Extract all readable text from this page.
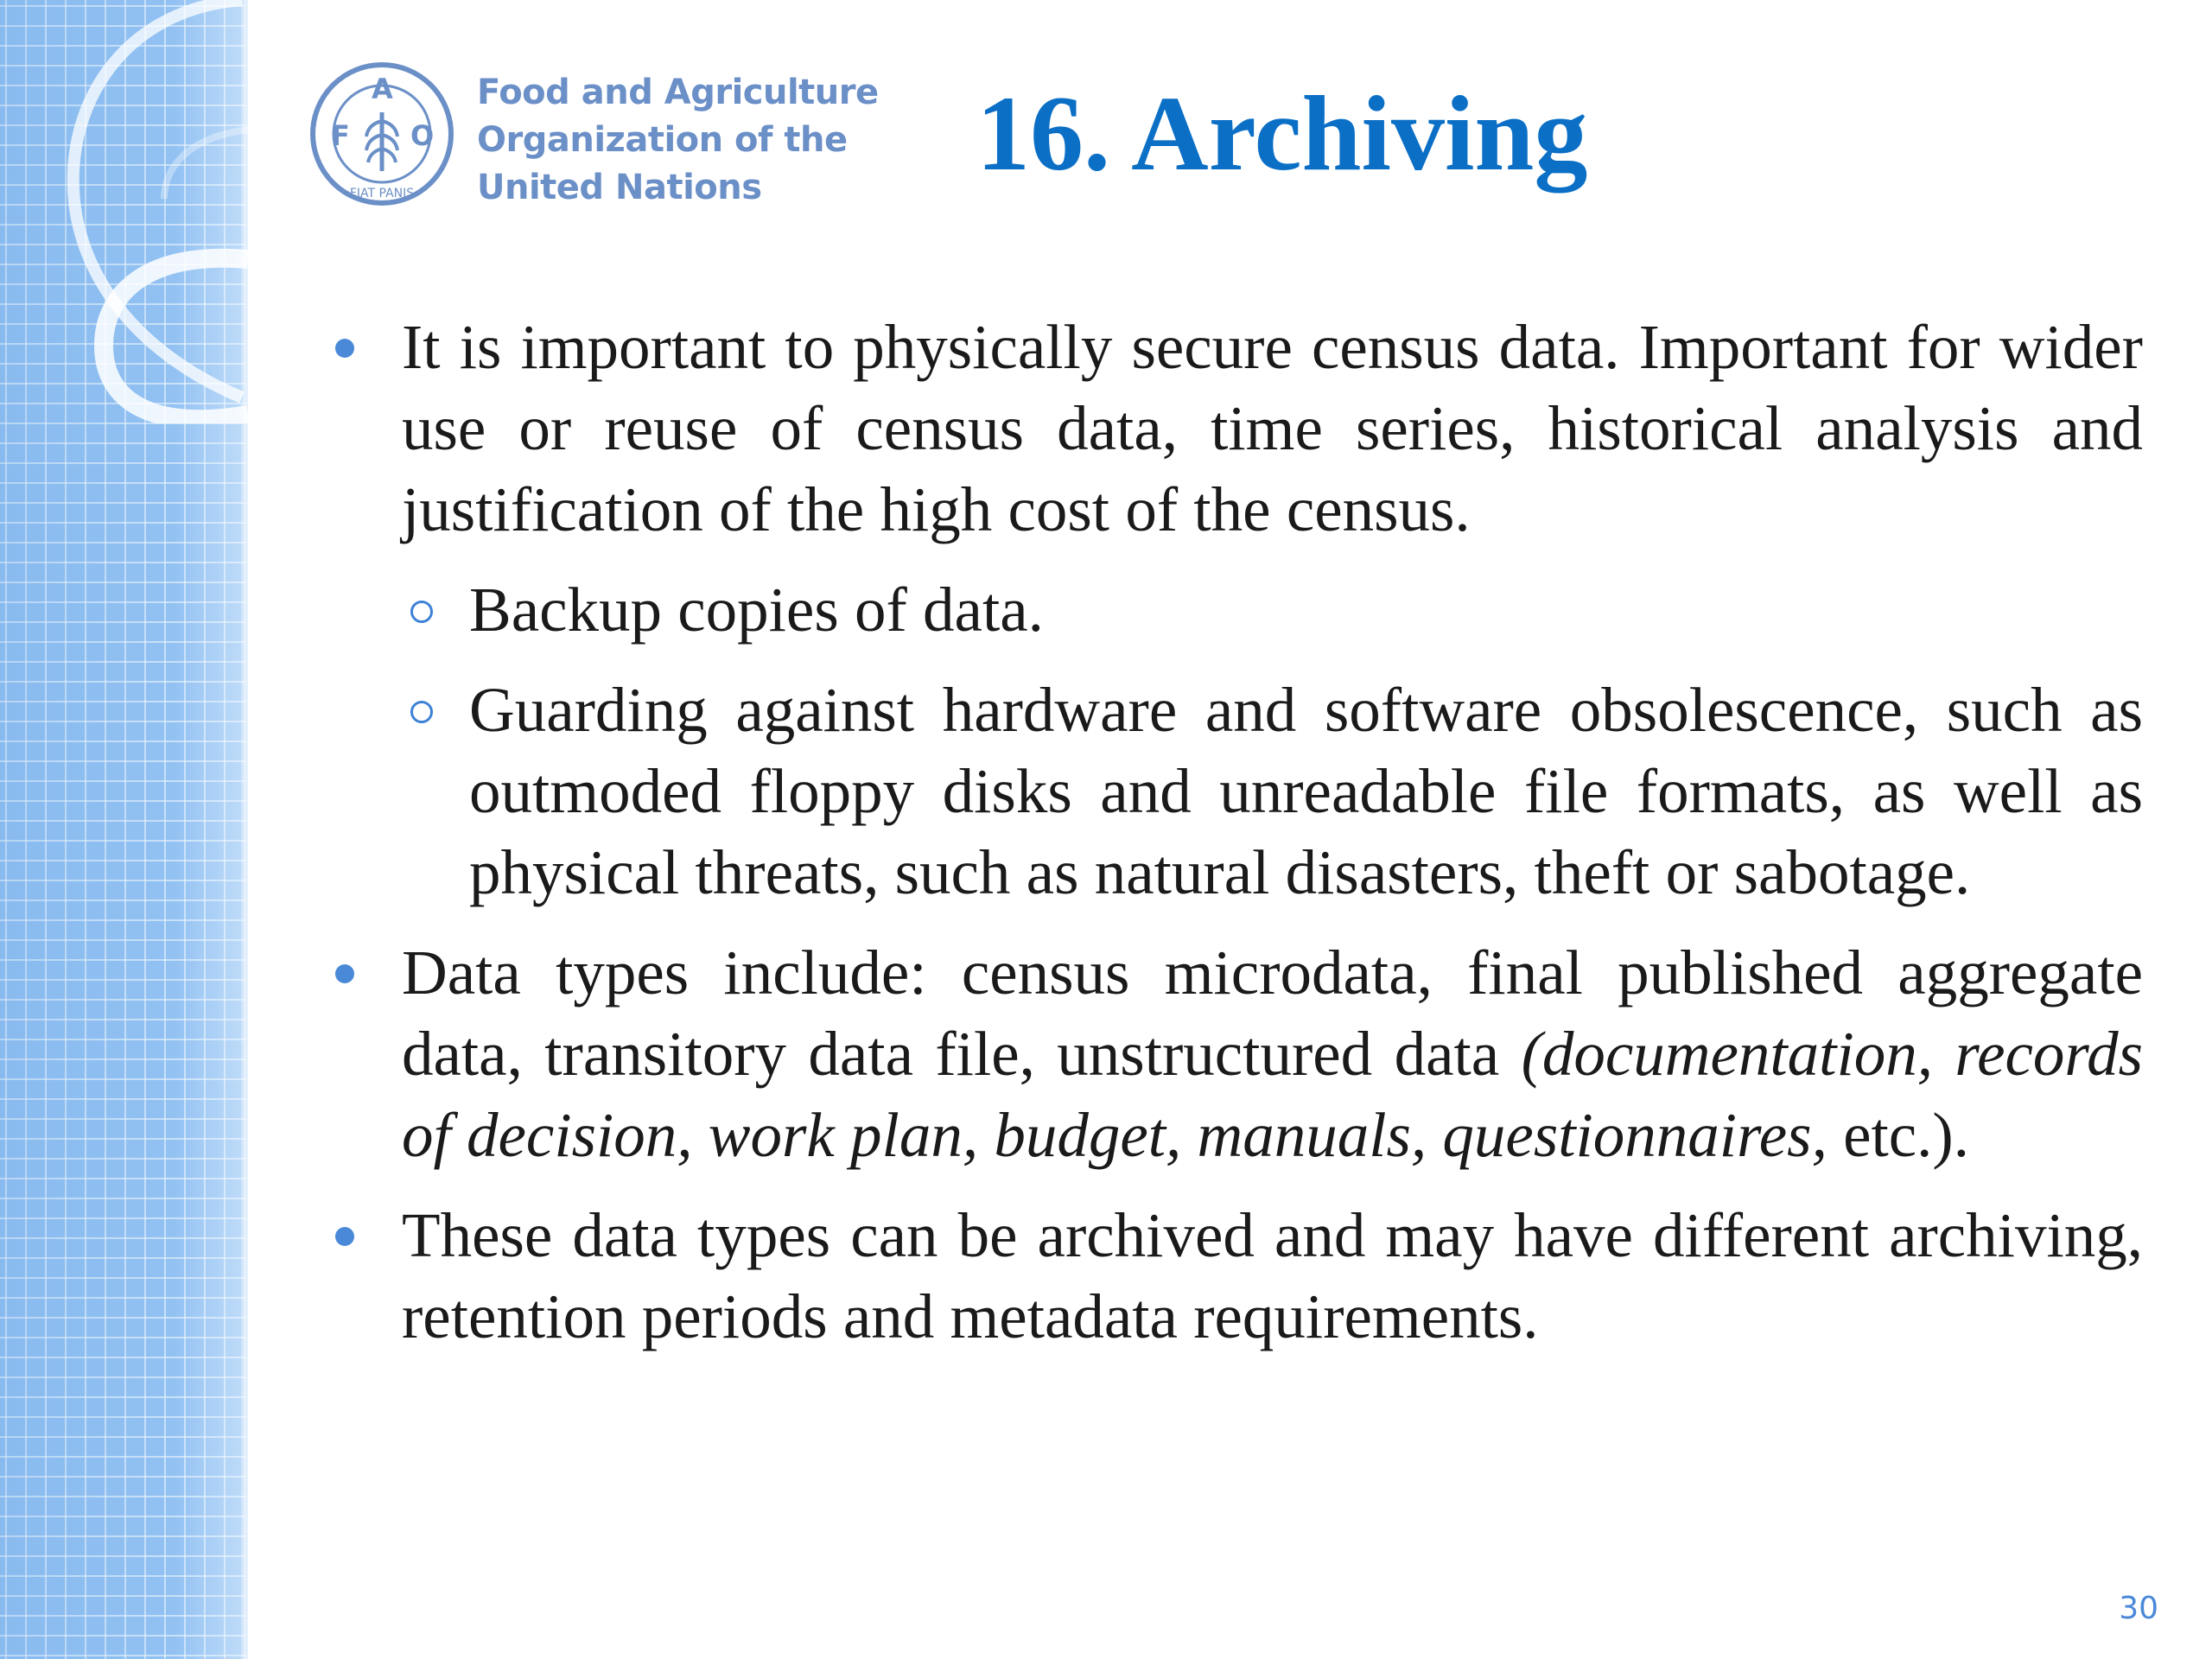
F
A
O
FIAT PANIS
Food and Agriculture
Organization of the
United Nations	16. Archiving
It is important to physically secure census data. Important for wider use or reuse of census data, time series, historical analysis and justification of the high cost of the census.
Backup copies of data.
Guarding against hardware and software obsolescence, such as outmoded floppy disks and unreadable file formats, as well as physical threats, such as natural disasters, theft or sabotage.
Data types include: census microdata, final published aggregate data, transitory data file, unstructured data (documentation, records of decision, work plan, budget, manuals, questionnaires, etc.).
These data types can be archived and may have different archiving, retention periods and metadata requirements.
30
